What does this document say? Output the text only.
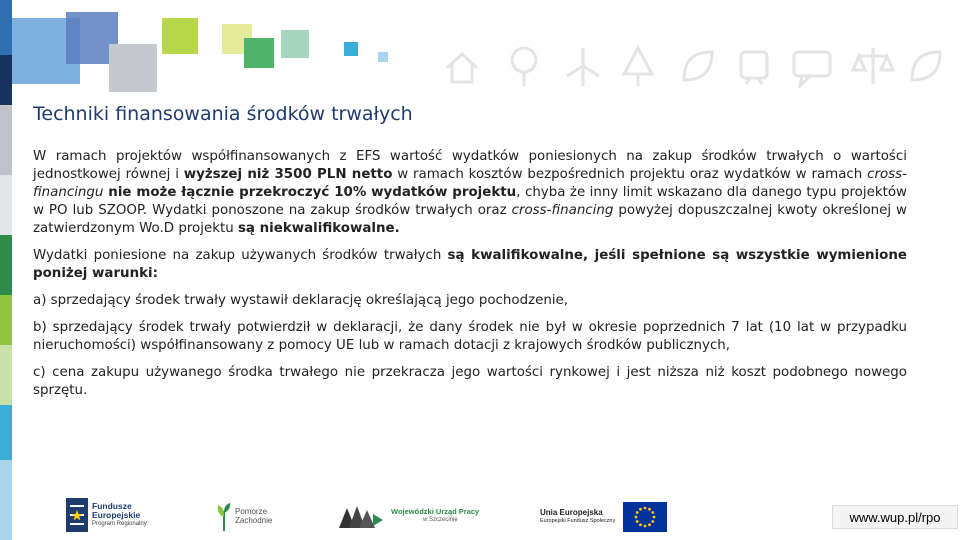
Techniki finansowania środków trwałych

W ramach projektów współfinansowanych z EFS wartość wydatków poniesionych na zakup środków trwałych o wartości jednostkowej równej i wyższej niż 3500 PLN netto w ramach kosztów bezpośrednich projektu oraz wydatków w ramach cross-financingu nie może łącznie przekroczyć 10% wydatków projektu, chyba że inny limit wskazano dla danego typu projektów w PO lub SZOOP. Wydatki ponoszone na zakup środków trwałych oraz cross-financing powyżej dopuszczalnej kwoty określonej w zatwierdzonym Wo.D projektu są niekwalifikowalne.

Wydatki poniesione na zakup używanych środków trwałych są kwalifikowalne, jeśli spełnione są wszystkie wymienione poniżej warunki:

a) sprzedający środek trwały wystawił deklarację określającą jego pochodzenie,

b) sprzedający środek trwały potwierdził w deklaracji, że dany środek nie był w okresie poprzednich 7 lat (10 lat w przypadku nieruchomości) współfinansowany z pomocy UE lub w ramach dotacji z krajowych środków publicznych,

c) cena zakupu używanego środka trwałego nie przekracza jego wartości rynkowej i jest niższa niż koszt podobnego nowego sprzętu.

Fundusze
Europejskie
Program Regionalny
Pomorze
Zachodnie
Wojewódzki Urząd Pracy
w Szczecinie
Unia Europejska
Europejski Fundusz Społeczny	www.wup.pl/rpo
